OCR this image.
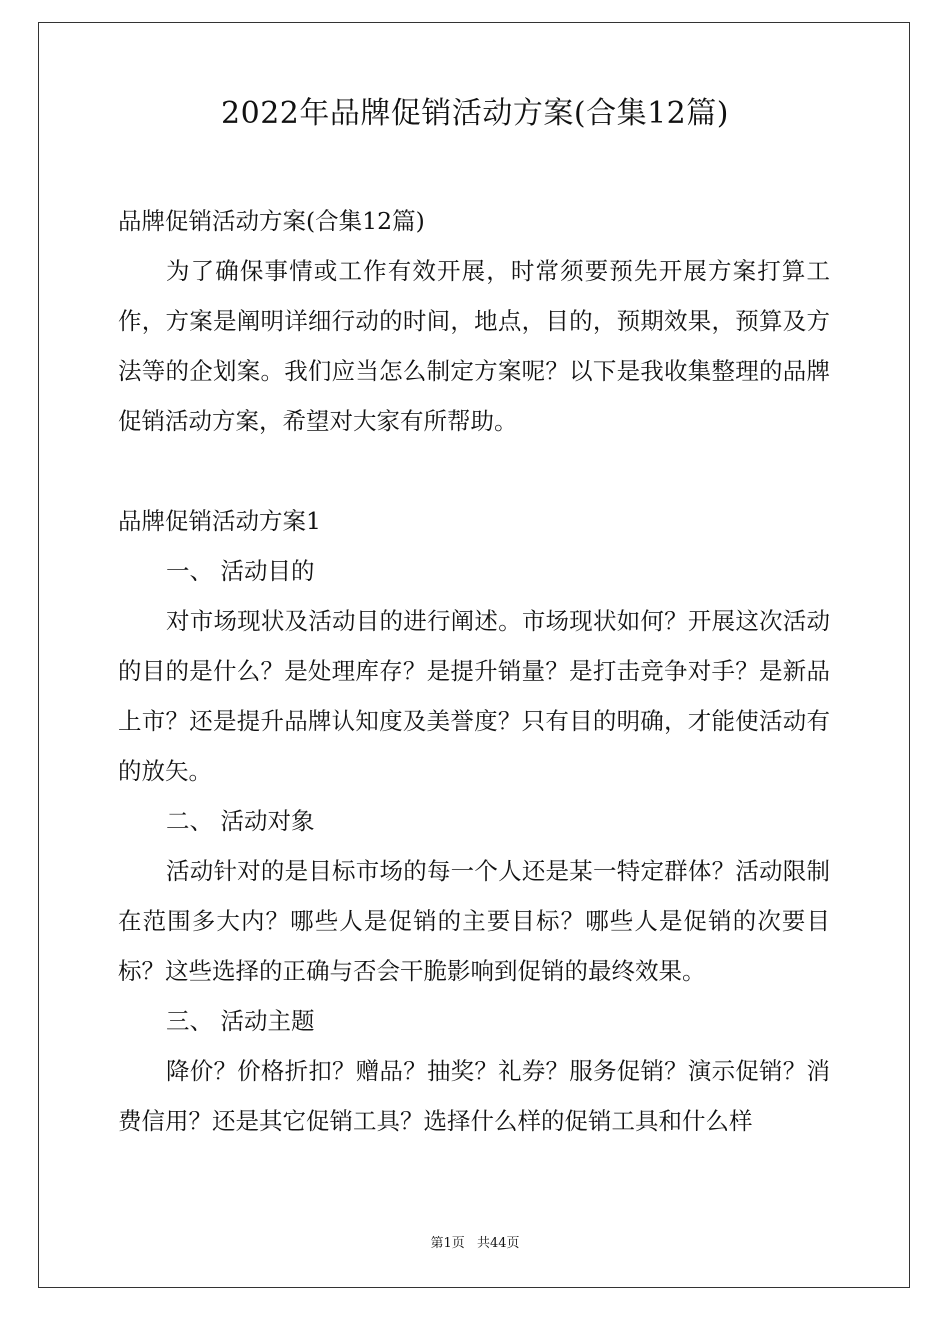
2022年品牌促销活动方案(合集12篇)

品牌促销活动方案(合集12篇)

为了确保事情或工作有效开展，时常须要预先开展方案打算工作，方案是阐明详细行动的时间，地点，目的，预期效果，预算及方法等的企划案。我们应当怎么制定方案呢？以下是我收集整理的品牌促销活动方案，希望对大家有所帮助。

品牌促销活动方案1

一、 活动目的

对市场现状及活动目的进行阐述。市场现状如何？开展这次活动的目的是什么？是处理库存？是提升销量？是打击竞争对手？是新品上市？还是提升品牌认知度及美誉度？只有目的明确，才能使活动有的放矢。

二、 活动对象

活动针对的是目标市场的每一个人还是某一特定群体？活动限制在范围多大内？哪些人是促销的主要目标？哪些人是促销的次要目标？这些选择的正确与否会干脆影响到促销的最终效果。

三、 活动主题

降价？价格折扣？赠品？抽奖？礼券？服务促销？演示促销？消费信用？还是其它促销工具？选择什么样的促销工具和什么样

第1页 共44页
